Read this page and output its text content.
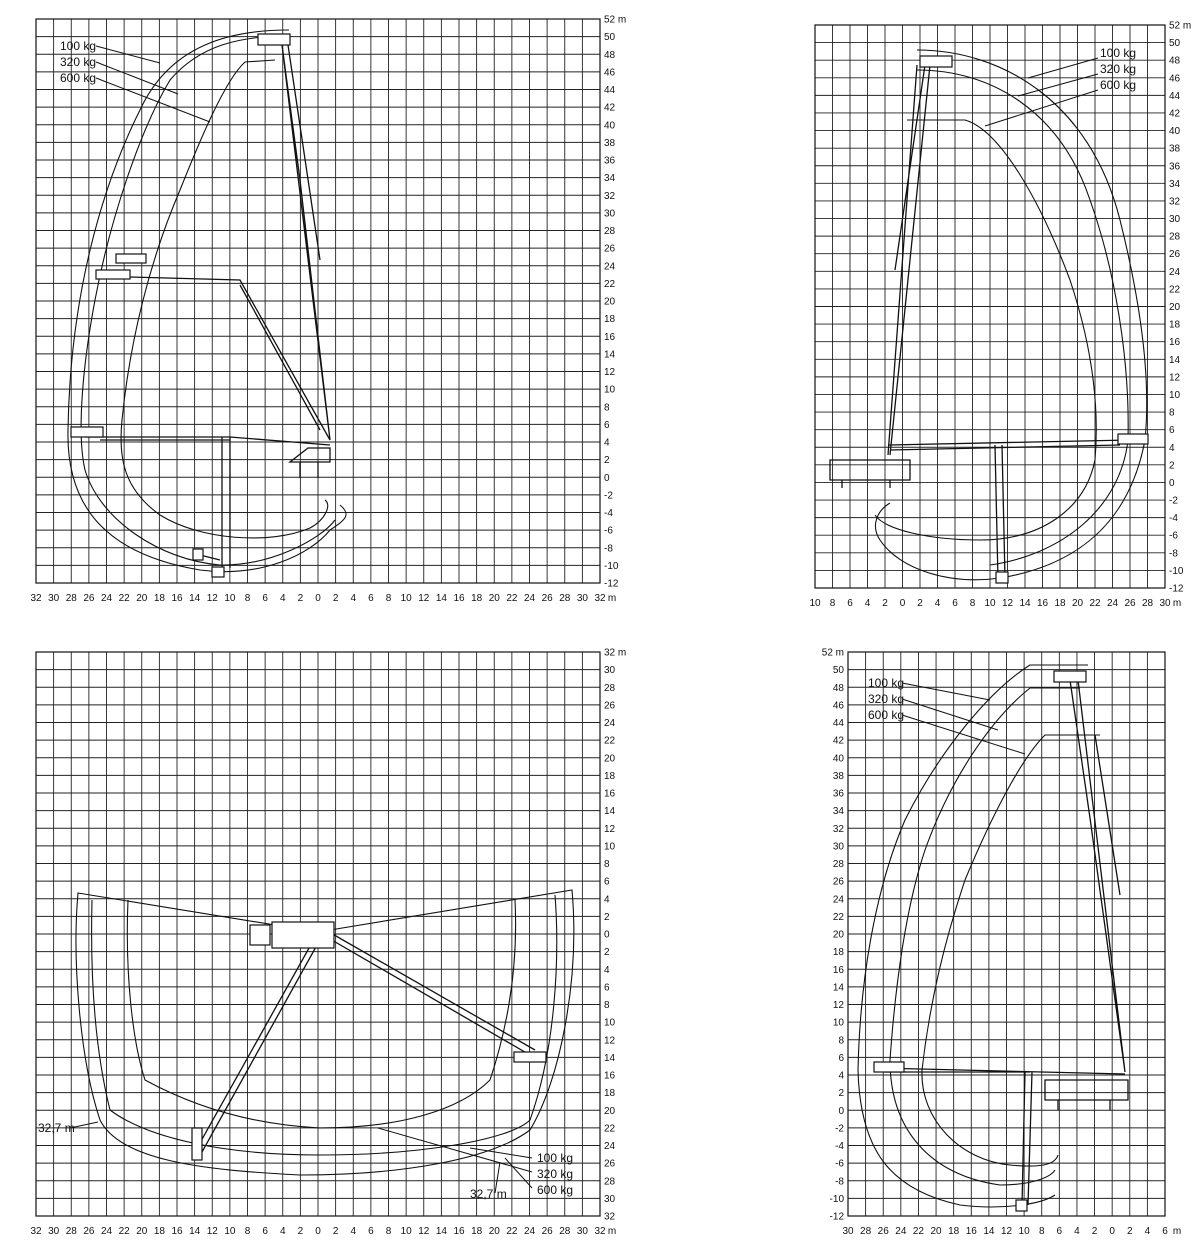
100 kg
320 kg
600 kg
100 kg
320 kg
600 kg
100 kg
320 kg
600 kg
32,7 m
32,7 m
100 kg
320 kg
600 kg
32 30 28 26 24 22 20 18 16 14 12 10 8 6 4 2 0 2 4 6 8 10 12 14 16 18 20 22 24 26 28 30 32 m
52 m
50
48
46
44
42
40
38
36
34
32
30
28
26
24
22
20
18
16
14
12
10
8
6
4
2
0
-2
-4
-6
-8
-10
-12
10 8 6 4 2 0 2 4 6 8 10 12 14 16 18 20 22 24 26 28 30 m
52 m
50
48
46
44
42
40
38
36
34
32
30
28
26
24
22
20
18
16
14
12
10
8
6
4
2
0
-2
-4
-6
-8
-10
-12
32 30 28 26 24 22 20 18 16 14 12 10 8 6 4 2 0 2 4 6 8 10 12 14 16 18 20 22 24 26 28 30 32 m
32 m
30
28
26
24
22
20
18
16
14
12
10
8
6
4
2
0
2
4
6
8
10
12
14
16
18
20
22
24
26
28
30
32
30 28 26 24 22 20 18 16 14 12 10 8 6 4 2 0 2 4 6 m
52 m
50
48
46
44
42
40
38
36
34
32
30
28
26
24
22
20
18
16
14
12
10
8
6
4
2
0
-2
-4
-6
-8
-10
-12
